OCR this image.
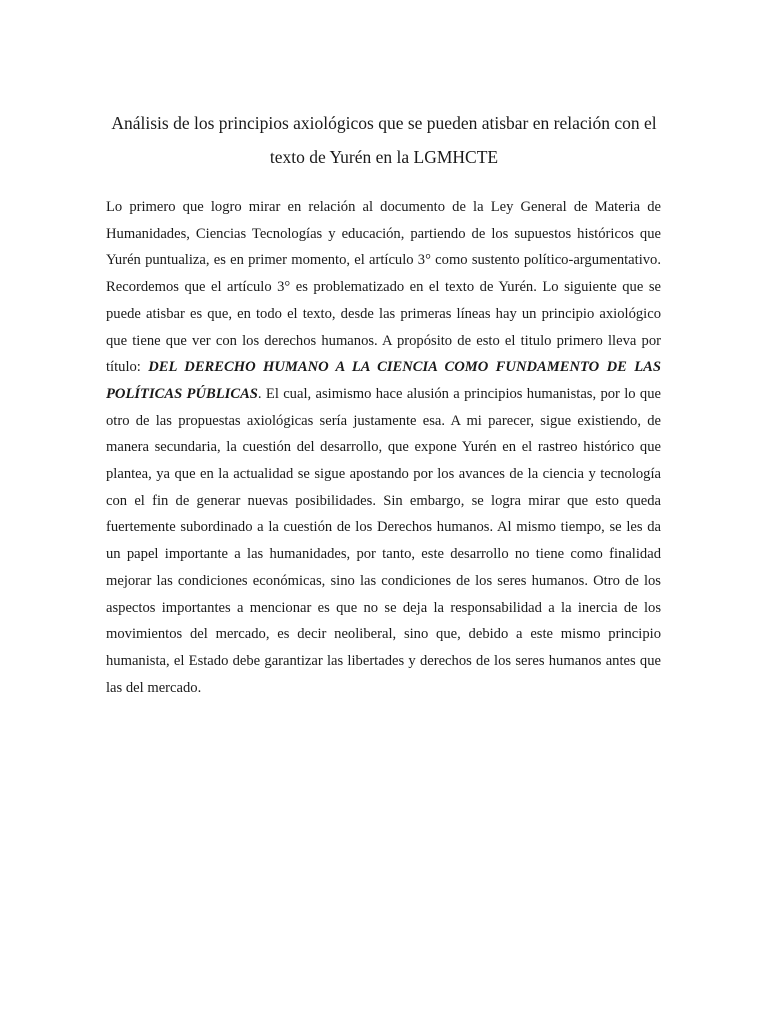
Análisis de los principios axiológicos que se pueden atisbar en relación con el
texto de Yurén en la LGMHCTE

Lo primero que logro mirar en relación al documento de la Ley General de Materia de Humanidades, Ciencias Tecnologías y educación, partiendo de los supuestos históricos que Yurén puntualiza, es en primer momento, el artículo 3° como sustento político-argumentativo. Recordemos que el artículo 3° es problematizado en el texto de Yurén. Lo siguiente que se puede atisbar es que, en todo el texto, desde las primeras líneas hay un principio axiológico que tiene que ver con los derechos humanos. A propósito de esto el titulo primero lleva por título: DEL DERECHO HUMANO A LA CIENCIA COMO FUNDAMENTO DE LAS POLÍTICAS PÚBLICAS. El cual, asimismo hace alusión a principios humanistas, por lo que otro de las propuestas axiológicas sería justamente esa. A mi parecer, sigue existiendo, de manera secundaria, la cuestión del desarrollo, que expone Yurén en el rastreo histórico que plantea, ya que en la actualidad se sigue apostando por los avances de la ciencia y tecnología con el fin de generar nuevas posibilidades. Sin embargo, se logra mirar que esto queda fuertemente subordinado a la cuestión de los Derechos humanos. Al mismo tiempo, se les da un papel importante a las humanidades, por tanto, este desarrollo no tiene como finalidad mejorar las condiciones económicas, sino las condiciones de los seres humanos. Otro de los aspectos importantes a mencionar es que no se deja la responsabilidad a la inercia de los movimientos del mercado, es decir neoliberal, sino que, debido a este mismo principio humanista, el Estado debe garantizar las libertades y derechos de los seres humanos antes que las del mercado.
